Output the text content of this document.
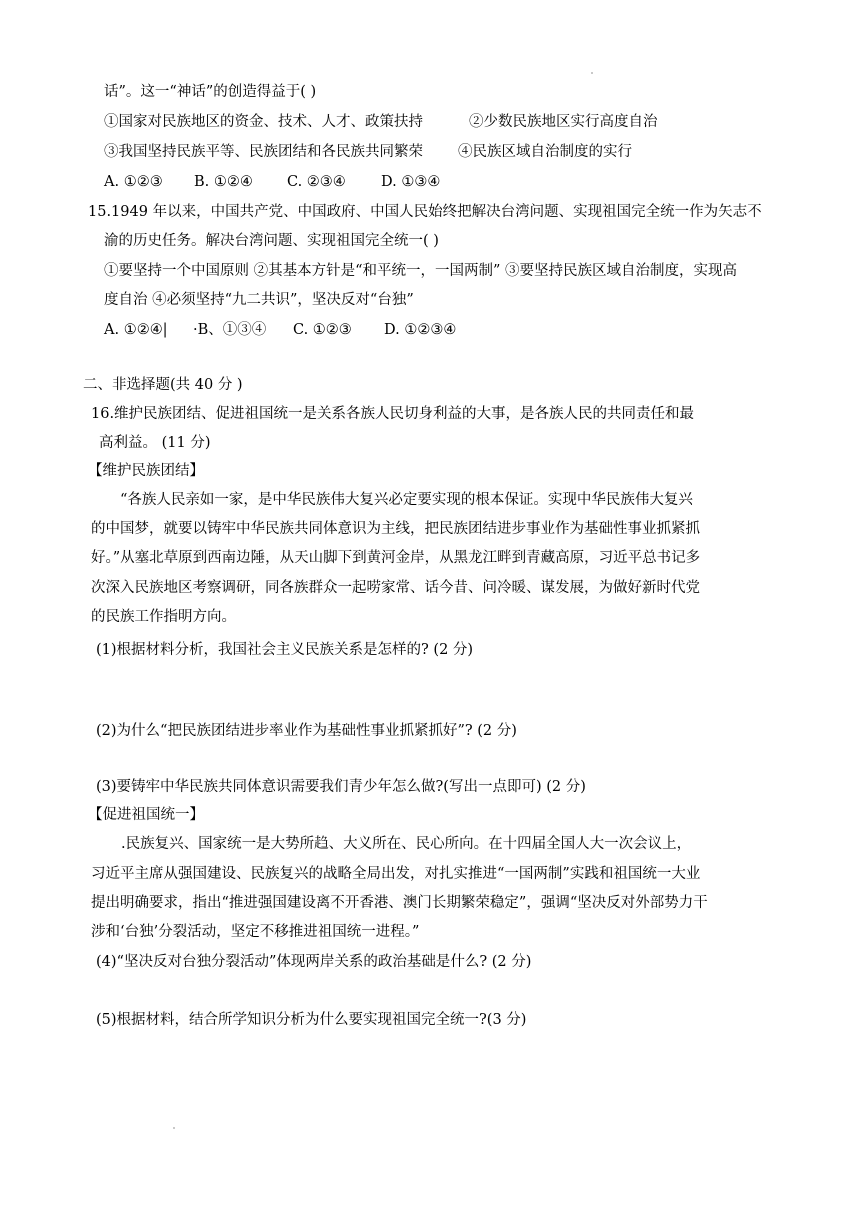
话”。这一“神话”的创造得益于( )
①国家对民族地区的资金、技术、人才、政策扶持	②少数民族地区实行高度自治
③我国坚持民族平等、民族团结和各民族共同繁荣 ④民族区域自治制度的实行
A. ①②③ B. ①②④ C. ②③④ D. ①③④
15.1949 年以来，中国共产党、中国政府、中国人民始终把解决台湾问题、实现祖国完全统一作为矢志不
渝的历史任务。解决台湾问题、实现祖国完全统一( )
①要坚持一个中国原则 ②其基本方针是“和平统一，一国两制” ③要坚持民族区域自治制度，实现高
度自治 ④必须坚持“九二共识”，坚决反对“台独”
A. ①②④| ·B、①③④ C. ①②③ D. ①②③④
二、非选择题(共 40 分 )
16.维护民族团结、促进祖国统一是关系各族人民切身利益的大事，是各族人民的共同责任和最
高利益。 (11 分)
【维护民族团结】
“各族人民亲如一家，是中华民族伟大复兴必定要实现的根本保证。实现中华民族伟大复兴
的中国梦，就要以铸牢中华民族共同体意识为主线，把民族团结进步事业作为基础性事业抓紧抓
好。”从塞北草原到西南边陲，从天山脚下到黄河金岸，从黑龙江畔到青藏高原，习近平总书记多
次深入民族地区考察调研，同各族群众一起唠家常、话今昔、问冷暖、谋发展，为做好新时代党
的民族工作指明方向。
(1)根据材料分析，我国社会主义民族关系是怎样的? (2 分)
(2)为什么“把民族团结进步率业作为基础性事业抓紧抓好”? (2 分)
(3)要铸牢中华民族共同体意识需要我们青少年怎么做?(写出一点即可) (2 分)
【促进祖国统一】
.民族复兴、国家统一是大势所趋、大义所在、民心所向。在十四届全国人大一次会议上，
习近平主席从强国建设、民族复兴的战略全局出发，对扎实推进“一国两制”实践和祖国统一大业
提出明确要求，指出“推进强国建设离不开香港、澳门长期繁荣稳定”，强调“坚决反对外部势力干
涉和‘台独’分裂活动，坚定不移推进祖国统一进程。”
(4)“坚决反对台独分裂活动”体现两岸关系的政治基础是什么? (2 分)
(5)根据材料，结合所学知识分析为什么要实现祖国完全统一?(3 分)
